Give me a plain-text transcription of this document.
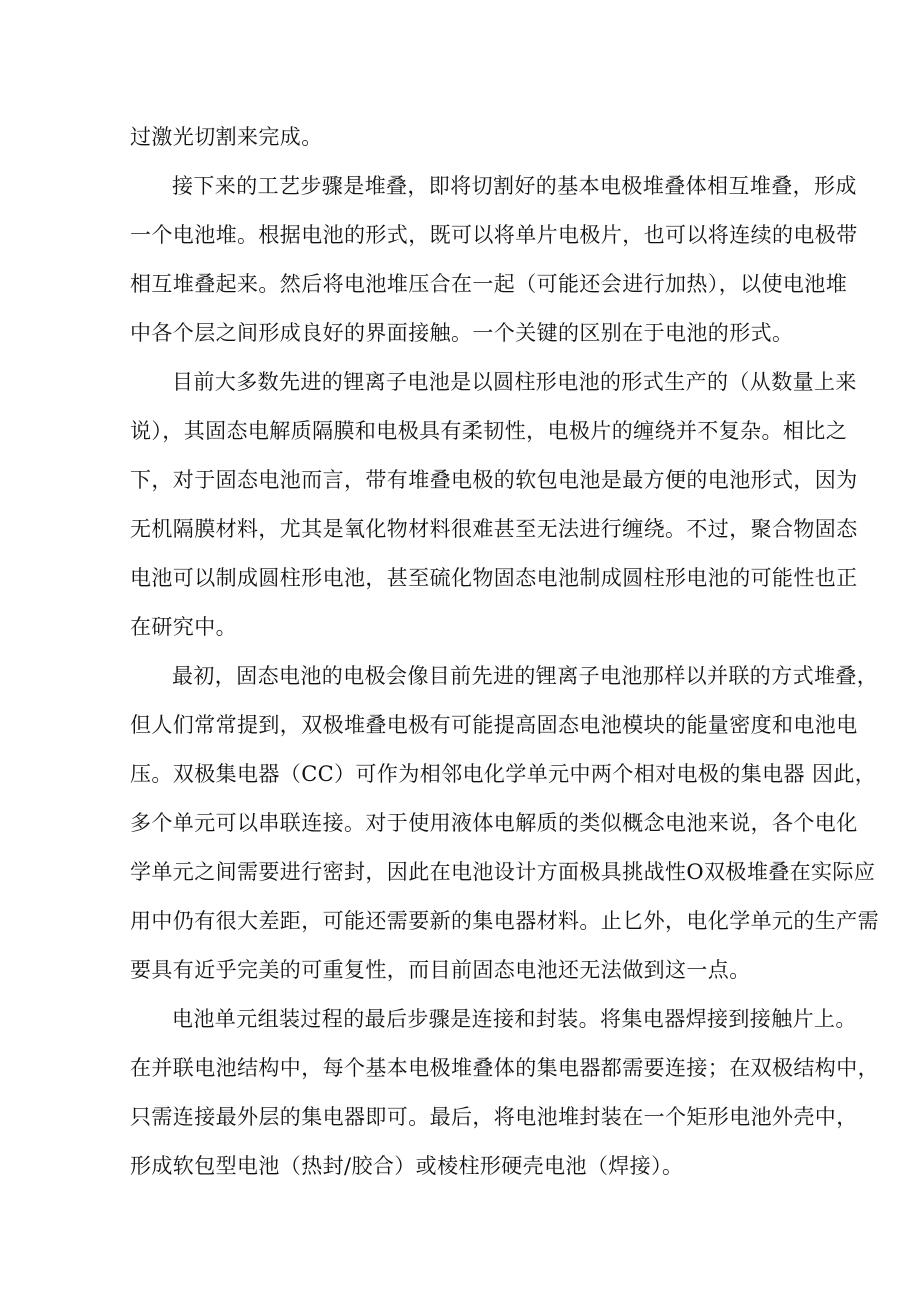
过激光切割来完成。
接下来的工艺步骤是堆叠，即将切割好的基本电极堆叠体相互堆叠，形成
一个电池堆。根据电池的形式，既可以将单片电极片，也可以将连续的电极带
相互堆叠起来。然后将电池堆压合在一起（可能还会进行加热），以使电池堆
中各个层之间形成良好的界面接触。一个关键的区别在于电池的形式。
目前大多数先进的锂离子电池是以圆柱形电池的形式生产的（从数量上来
说），其固态电解质隔膜和电极具有柔韧性，电极片的缠绕并不复杂。相比之
下，对于固态电池而言，带有堆叠电极的软包电池是最方便的电池形式，因为
无机隔膜材料，尤其是氧化物材料很难甚至无法进行缠绕。不过，聚合物固态
电池可以制成圆柱形电池，甚至硫化物固态电池制成圆柱形电池的可能性也正
在研究中。
最初，固态电池的电极会像目前先进的锂离子电池那样以并联的方式堆叠，
但人们常常提到，双极堆叠电极有可能提高固态电池模块的能量密度和电池电
压。双极集电器（CC）可作为相邻电化学单元中两个相对电极的集电器 因此，
多个单元可以串联连接。对于使用液体电解质的类似概念电池来说，各个电化
学单元之间需要进行密封，因此在电池设计方面极具挑战性O双极堆叠在实际应
用中仍有很大差距，可能还需要新的集电器材料。止匕外，电化学单元的生产需
要具有近乎完美的可重复性，而目前固态电池还无法做到这一点。
电池单元组装过程的最后步骤是连接和封装。将集电器焊接到接触片上。
在并联电池结构中，每个基本电极堆叠体的集电器都需要连接；在双极结构中，
只需连接最外层的集电器即可。最后，将电池堆封装在一个矩形电池外壳中，
形成软包型电池（热封/胶合）或棱柱形硬壳电池（焊接）。
